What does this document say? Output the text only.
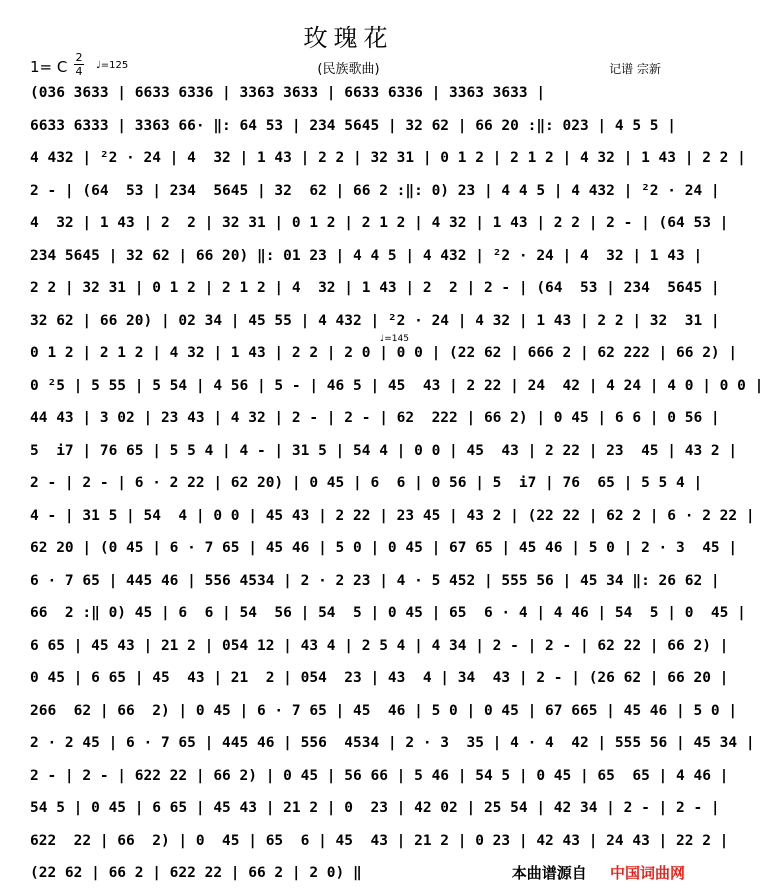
玫瑰花
(民族歌曲)
1= C
2
4 ♩=125	记谱 宗新
(036 3633 | 6633 6336 | 3363 3633 | 6633 6336 | 3363 3633 |
6633 6333 | 3363 66· ‖: 64 53 | 234 5645 | 32 62 | 66 20 :‖: 023 | 4 5 5 |
4 432 | ²2 · 24 | 4  32 | 1 43 | 2 2 | 32 31 | 0 1 2 | 2 1 2 | 4 32 | 1 43 | 2 2 |
2 - | (64  53 | 234  5645 | 32  62 | 66 2 :‖: 0) 23 | 4 4 5 | 4 432 | ²2 · 24 |
4  32 | 1 43 | 2  2 | 32 31 | 0 1 2 | 2 1 2 | 4 32 | 1 43 | 2 2 | 2 - | (64 53 |
234 5645 | 32 62 | 66 20) ‖: 01 23 | 4 4 5 | 4 432 | ²2 · 24 | 4  32 | 1 43 |
2 2 | 32 31 | 0 1 2 | 2 1 2 | 4  32 | 1 43 | 2  2 | 2 - | (64  53 | 234  5645 |
32 62 | 66 20) | 02 34 | 45 55 | 4 432 | ²2 · 24 | 4 32 | 1 43 | 2 2 | 32  31 |
0 1 2 | 2 1 2 | 4 32 | 1 43 | 2 2 | 2 0 | 0 0 | (22 62 | 666 2 | 62 222 | 66 2) |
0 ²5 | 5 55 | 5 54 | 4 56 | 5 - | 46 5 | 45  43 | 2 22 | 24  42 | 4 24 | 4 0 | 0 0 |
44 43 | 3 02 | 23 43 | 4 32 | 2 - | 2 - | 62  222 | 66 2) | 0 45 | 6 6 | 0 56 |
5  i7 | 76 65 | 5 5 4 | 4 - | 31 5 | 54 4 | 0 0 | 45  43 | 2 22 | 23  45 | 43 2 |
2 - | 2 - | 6 · 2 22 | 62 20) | 0 45 | 6  6 | 0 56 | 5  i7 | 76  65 | 5 5 4 |
4 - | 31 5 | 54  4 | 0 0 | 45 43 | 2 22 | 23 45 | 43 2 | (22 22 | 62 2 | 6 · 2 22 |
62 20 | (0 45 | 6 · 7 65 | 45 46 | 5 0 | 0 45 | 67 65 | 45 46 | 5 0 | 2 · 3  45 |
6 · 7 65 | 445 46 | 556 4534 | 2 · 2 23 | 4 · 5 452 | 555 56 | 45 34 ‖: 26 62 |
66  2 :‖ 0) 45 | 6  6 | 54  56 | 54  5 | 0 45 | 65  6 · 4 | 4 46 | 54  5 | 0  45 |
6 65 | 45 43 | 21 2 | 054 12 | 43 4 | 2 5 4 | 4 34 | 2 - | 2 - | 62 22 | 66 2) |
0 45 | 6 65 | 45  43 | 21  2 | 054  23 | 43  4 | 34  43 | 2 - | (26 62 | 66 20 |
266  62 | 66  2) | 0 45 | 6 · 7 65 | 45  46 | 5 0 | 0 45 | 67 665 | 45 46 | 5 0 |
2 · 2 45 | 6 · 7 65 | 445 46 | 556  4534 | 2 · 3  35 | 4 · 4  42 | 555 56 | 45 34 |
2 - | 2 - | 622 22 | 66 2) | 0 45 | 56 66 | 5 46 | 54 5 | 0 45 | 65  65 | 4 46 |
54 5 | 0 45 | 6 65 | 45 43 | 21 2 | 0  23 | 42 02 | 25 54 | 42 34 | 2 - | 2 - |
622  22 | 66  2) | 0  45 | 65  6 | 45  43 | 21 2 | 0 23 | 42 43 | 24 43 | 22 2 |
(22 62 | 66 2 | 622 22 | 66 2 | 2 0) ‖
♩=145
本曲谱源自 中国词曲网
